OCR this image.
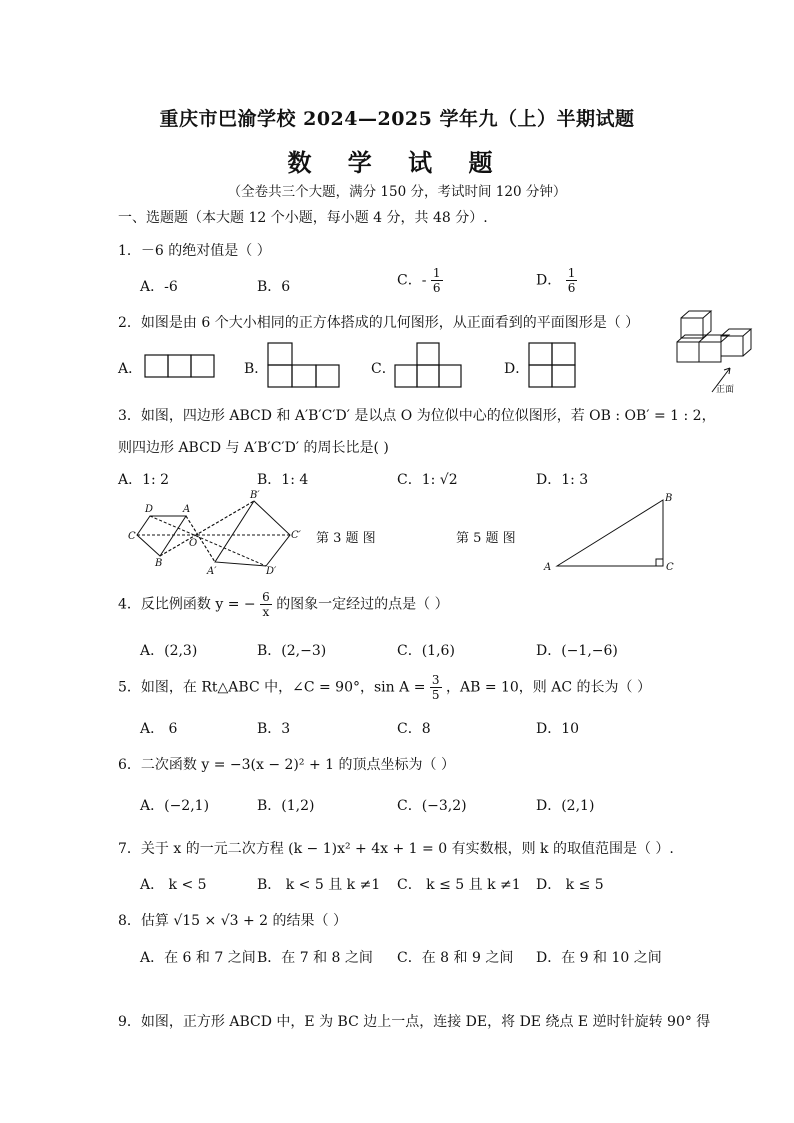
重庆市巴渝学校 2024—2025 学年九（上）半期试题
数 学 试 题
（全卷共三个大题，满分 150 分，考试时间 120 分钟）
一、选题题（本大题 12 个小题，每小题 4 分，共 48 分）.
1．－6 的绝对值是（ ）
A．-6	B．6	C．- $\frac{1}{6}$	D． $\frac{1}{6}$
2．如图是由 6 个大小相同的正方体搭成的几何图形，从正面看到的平面图形是（ ）
A．	B．	C．	D．
正面
D	A
C
O
B
B′
C′
A′	D′
第 3 题 图	第 5 题 图
A
B
C
3．如图，四边形 ABCD 和 A′B′C′D′ 是以点 O 为位似中心的位似图形，若 OB : OB′ = 1 : 2，
则四边形 ABCD 与 A′B′C′D′ 的周长比是( )
A．1: 2	B．1: 4	C．1: √2	D．1: 3
4．反比例函数 y = − $\frac{6}{x}$ 的图象一定经过的点是（ ）
A．(2,3)	B．(2,−3)	C．(1,6)	D．(−1,−6)
5．如图，在 Rt△ABC 中，∠C = 90°，$\sin A = \frac{3}{5}$ ，AB = 10，则 AC 的长为（ ）
A． 6	B．3	C．8	D．10
6．二次函数 y = −3(x − 2)² + 1 的顶点坐标为（ ）
A．(−2,1)	B．(1,2)	C．(−3,2)	D．(2,1)
7．关于 x 的一元二次方程 (k − 1)x² + 4x + 1 = 0 有实数根，则 k 的取值范围是（ ）.
A． k < 5	B． k < 5 且 k ≠1 C． k ≤ 5 且 k ≠1 D． k ≤ 5
8．估算 √15 × √3 + 2 的结果（ ）
A．在 6 和 7 之间 B．在 7 和 8 之间 C．在 8 和 9 之间 D．在 9 和 10 之间
9．如图，正方形 ABCD 中，E 为 BC 边上一点，连接 DE，将 DE 绕点 E 逆时针旋转 90° 得
